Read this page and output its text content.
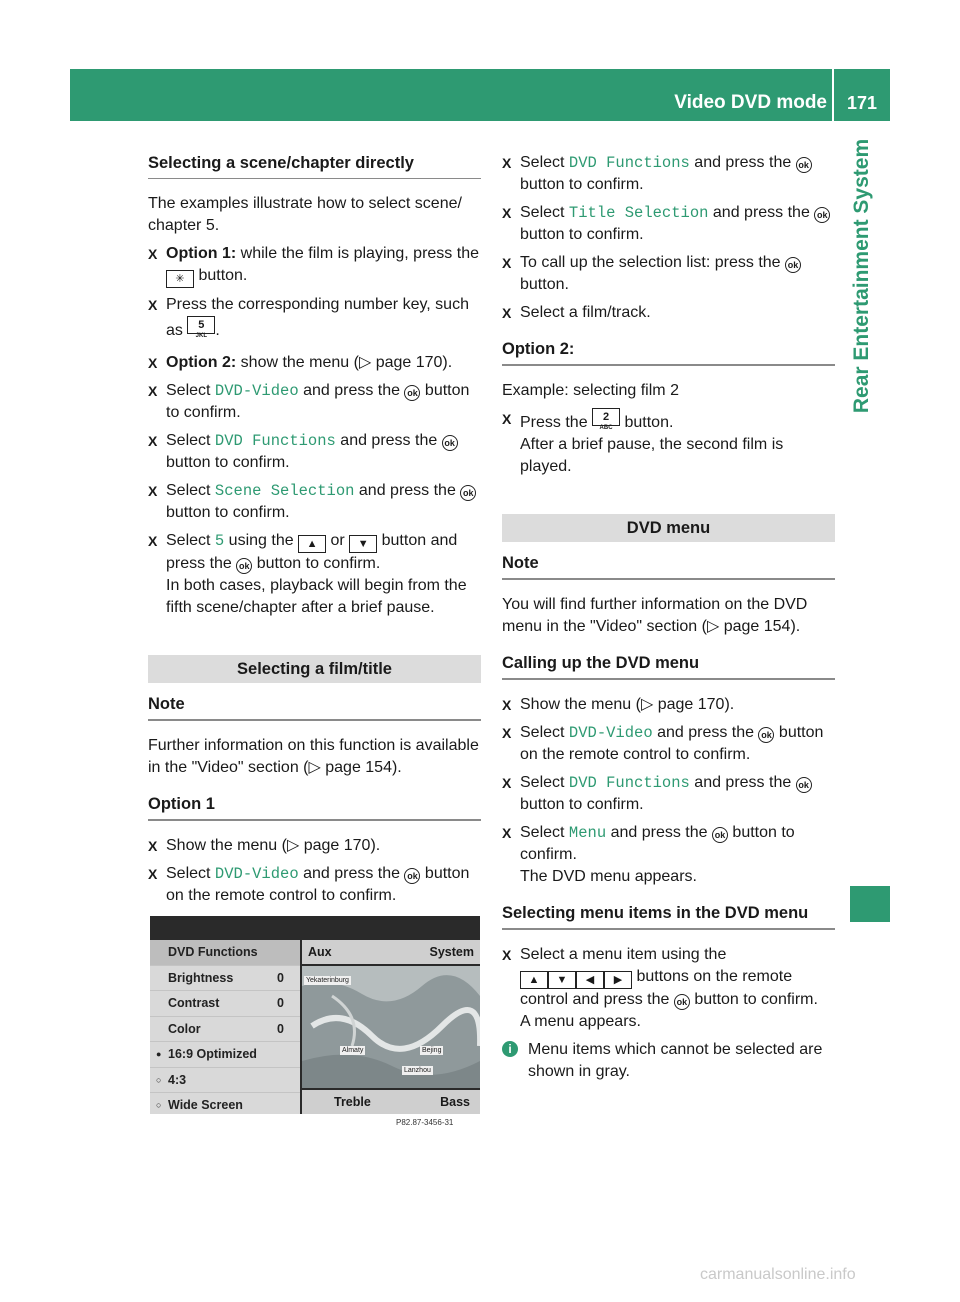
Video DVD mode	171
Rear Entertainment System
Selecting a scene/chapter directly
The examples illustrate how to select scene/ chapter 5.
X Option 1: while the film is playing, press the ✳ button.
X Press the corresponding number key, such as 5
JKL .
X Option 2: show the menu (▷ page 170).
X Select DVD-Video and press the ok button to confirm.
X Select DVD Functions and press the ok button to confirm.
X Select Scene Selection and press the ok button to confirm.
X Select 5 using the ▲ or ▼ button and press the ok button to confirm.
In both cases, playback will begin from the fifth scene/chapter after a brief pause.
Selecting a film/title
Note
Further information on this function is available in the "Video" section (▷ page 154).
Option 1
X Show the menu (▷ page 170).
X Select DVD-Video and press the ok button on the remote control to confirm.
DVD Functions
Brightness	0
Contrast	0
Color	0
● 16:9 Optimized
○ 4:3
○ Wide Screen
Aux	System
Yekaterinburg
Almaty	Bejing
Lanzhou
Treble	Bass
P82.87-3456-31
X Select DVD Functions and press the ok button to confirm.
X Select Title Selection and press the ok button to confirm.
X To call up the selection list: press the ok button.
X Select a film/track.
Option 2:
Example: selecting film 2
X Press the 2
ABC button.
After a brief pause, the second film is played.
DVD menu
Note
You will find further information on the DVD menu in the "Video" section (▷ page 154).
Calling up the DVD menu
X Show the menu (▷ page 170).
X Select DVD-Video and press the ok button on the remote control to confirm.
X Select DVD Functions and press the ok button to confirm.
X Select Menu and press the ok button to confirm.
The DVD menu appears.
Selecting menu items in the DVD menu
X Select a menu item using the
▲ ▼ ◀ ▶ buttons on the remote control and press the ok button to confirm.
A menu appears.
i	Menu items which cannot be selected are shown in gray.
carmanualsonline.info
